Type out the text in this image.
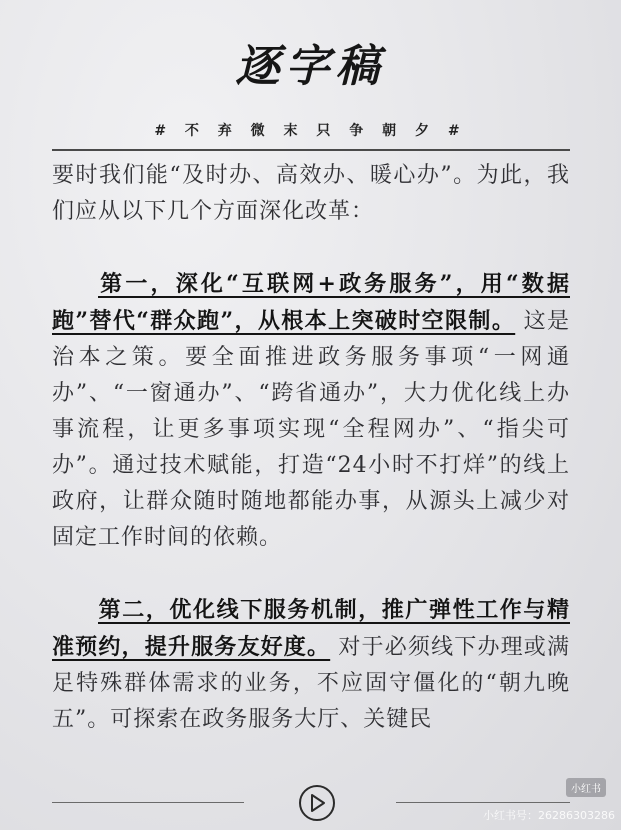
逐字稿
# 不 弃 微 末 只 争 朝 夕 #

要时我们能“及时办、高效办、暖心办”。为此，我们应从以下几个方面深化改革：

第一，深化“互联网+政务服务”，用“数据跑”替代“群众跑”，从根本上突破时空限制。 这是治本之策。要全面推进政务服务事项“一网通办”、“一窗通办”、“跨省通办”，大力优化线上办事流程，让更多事项实现“全程网办”、“指尖可办”。通过技术赋能，打造“24小时不打烊”的线上政府，让群众随时随地都能办事，从源头上减少对固定工作时间的依赖。

第二，优化线下服务机制，推广弹性工作与精准预约，提升服务友好度。 对于必须线下办理或满足特殊群体需求的业务，不应固守僵化的“朝九晚五”。可探索在政务服务大厅、关键民

小红书
小红书号：26286303286
